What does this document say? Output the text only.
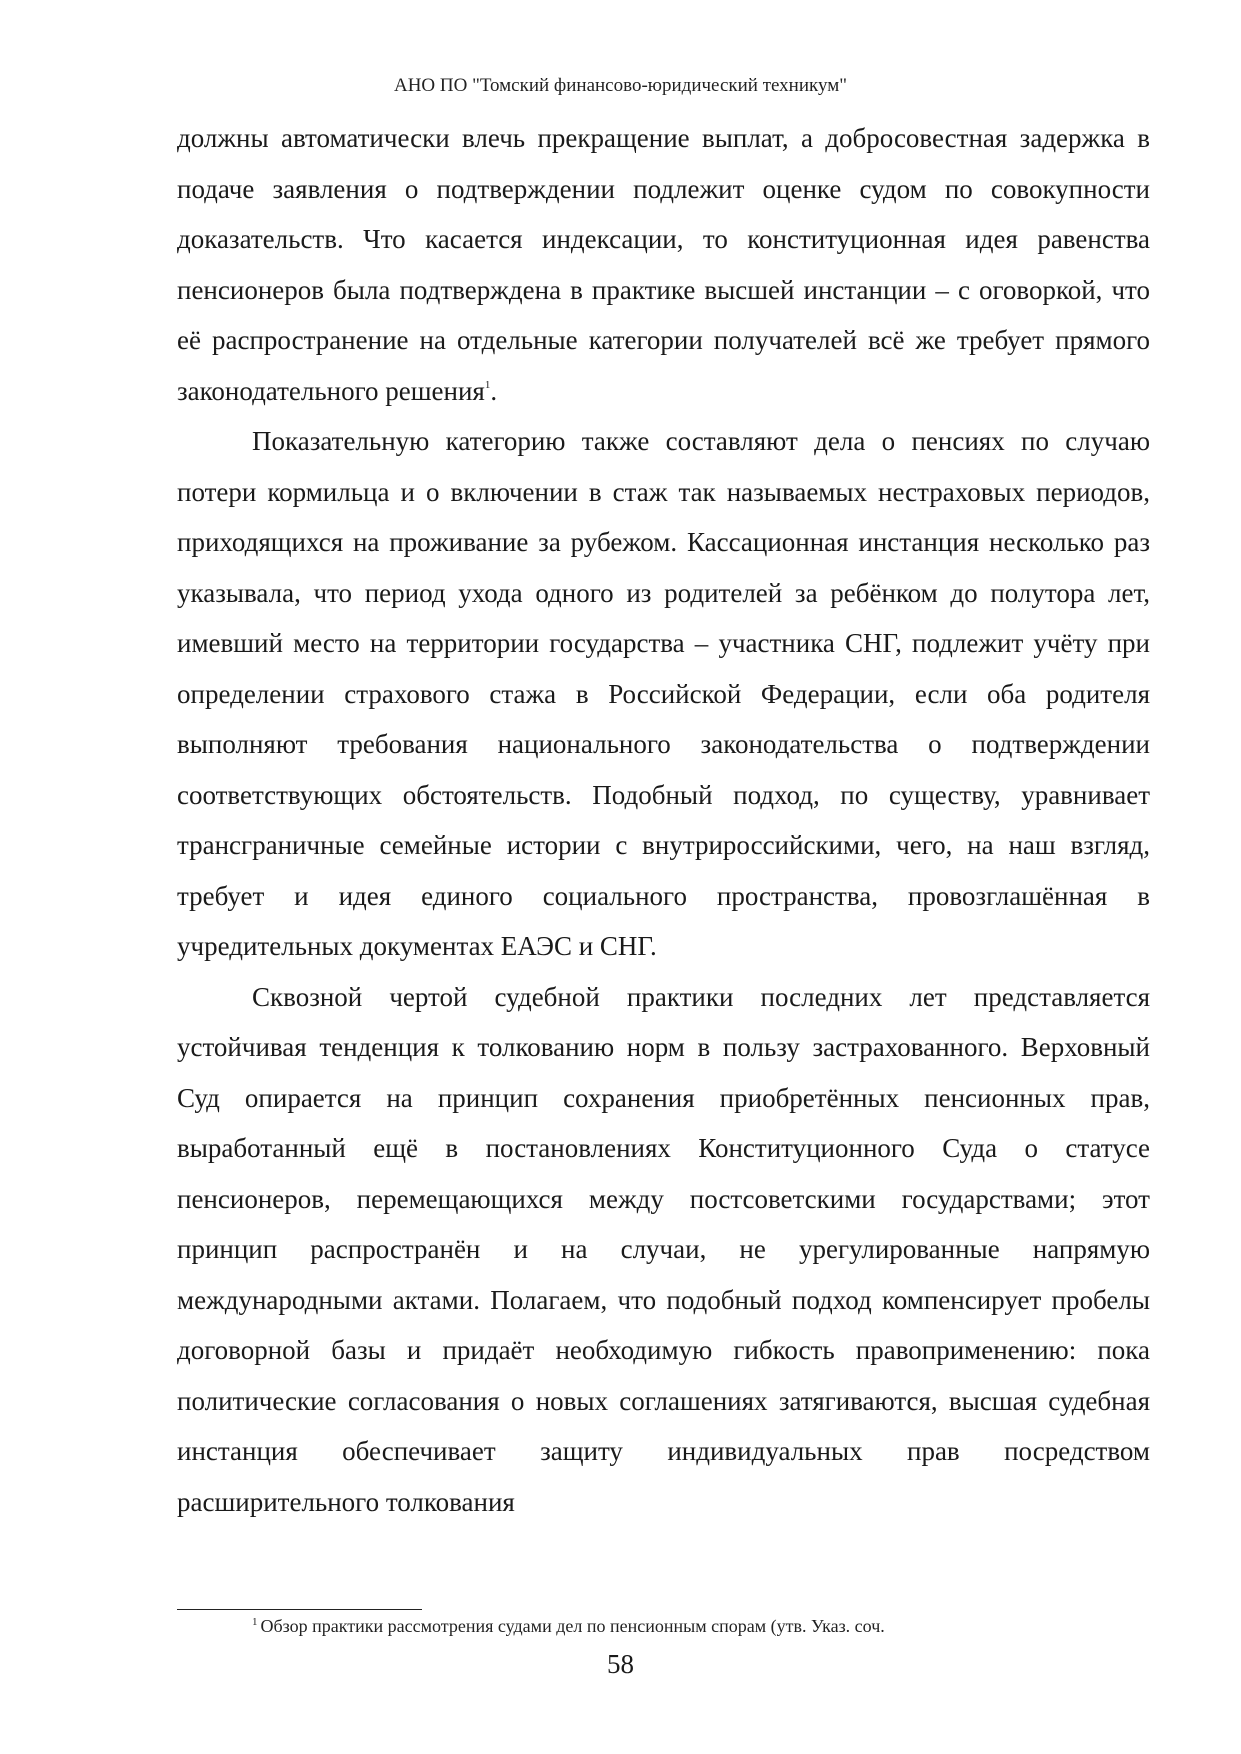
АНО ПО "Томский финансово-юридический техникум"

должны автоматически влечь прекращение выплат, а добросовестная задержка в подаче заявления о подтверждении подлежит оценке судом по совокупности доказательств. Что касается индексации, то конституционная идея равенства пенсионеров была подтверждена в практике высшей инстанции – с оговоркой, что её распространение на отдельные категории получателей всё же требует прямого законодательного решения$^1$.

Показательную категорию также составляют дела о пенсиях по случаю потери кормильца и о включении в стаж так называемых нестраховых периодов, приходящихся на проживание за рубежом. Кассационная инстанция несколько раз указывала, что период ухода одного из родителей за ребёнком до полутора лет, имевший место на территории государства – участника СНГ, подлежит учёту при определении страхового стажа в Российской Федерации, если оба родителя выполняют требования национального законодательства о подтверждении соответствующих обстоятельств. Подобный подход, по существу, уравнивает трансграничные семейные истории с внутрироссийскими, чего, на наш взгляд, требует и идея единого социального пространства, провозглашённая в учредительных документах ЕАЭС и СНГ.

Сквозной чертой судебной практики последних лет представляется устойчивая тенденция к толкованию норм в пользу застрахованного. Верховный Суд опирается на принцип сохранения приобретённых пенсионных прав, выработанный ещё в постановлениях Конституционного Суда о статусе пенсионеров, перемещающихся между постсоветскими государствами; этот принцип распространён и на случаи, не урегулированные напрямую международными актами. Полагаем, что подобный подход компенсирует пробелы договорной базы и придаёт необходимую гибкость правоприменению: пока политические согласования о новых соглашениях затягиваются, высшая судебная инстанция обеспечивает защиту индивидуальных прав посредством расширительного толкования

$^1$ Обзор практики рассмотрения судами дел по пенсионным спорам (утв. Указ. соч.
58
